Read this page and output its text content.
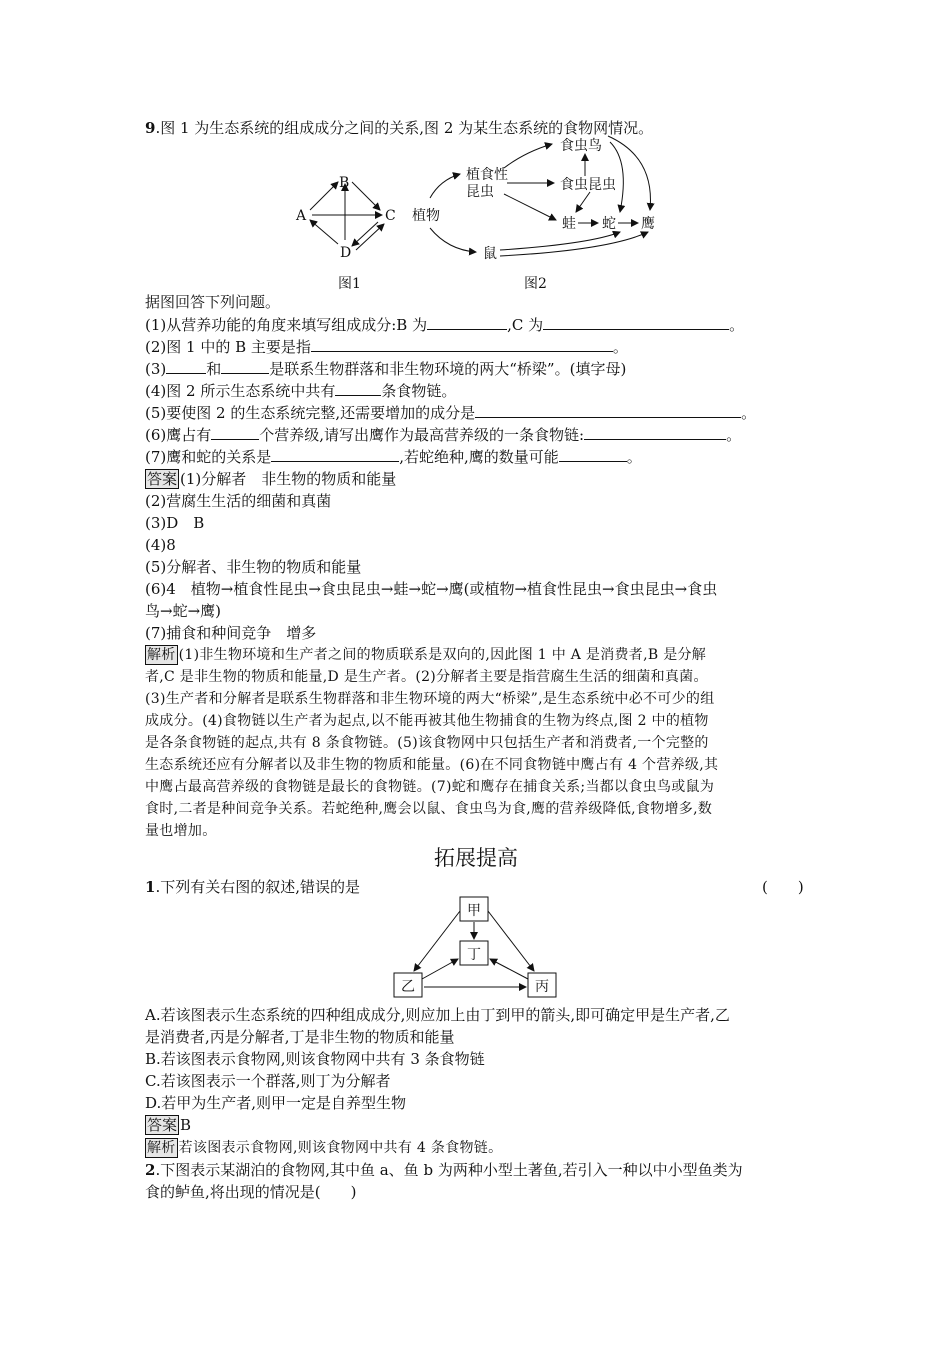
9.图 1 为生态系统的组成成分之间的关系,图 2 为某生态系统的食物网情况。
B
A	C
D
图1
植物
植食性
昆虫
食虫鸟
食虫昆虫
蛙 蛇 鹰
鼠
图2
据图回答下列问题。
(1)从营养功能的角度来填写组成成分:B 为	,C 为	。
(2)图 1 中的 B 主要是指	。
(3)	和	是联系生物群落和非生物环境的两大“桥梁”。(填字母)
(4)图 2 所示生态系统中共有	条食物链。
(5)要使图 2 的生态系统完整,还需要增加的成分是	。
(6)鹰占有	个营养级,请写出鹰作为最高营养级的一条食物链:	。
(7)鹰和蛇的关系是	,若蛇绝种,鹰的数量可能	。
答案 (1)分解者　非生物的物质和能量
(2)营腐生生活的细菌和真菌
(3)D　B
(4)8
(5)分解者、非生物的物质和能量
(6)4　植物→植食性昆虫→食虫昆虫→蛙→蛇→鹰(或植物→植食性昆虫→食虫昆虫→食虫
鸟→蛇→鹰)
(7)捕食和种间竞争　增多
解析 (1)非生物环境和生产者之间的物质联系是双向的,因此图 1 中 A 是消费者,B 是分解
者,C 是非生物的物质和能量,D 是生产者。(2)分解者主要是指营腐生生活的细菌和真菌。
(3)生产者和分解者是联系生物群落和非生物环境的两大“桥梁”,是生态系统中必不可少的组
成成分。(4)食物链以生产者为起点,以不能再被其他生物捕食的生物为终点,图 2 中的植物
是各条食物链的起点,共有 8 条食物链。(5)该食物网中只包括生产者和消费者,一个完整的
生态系统还应有分解者以及非生物的物质和能量。(6)在不同食物链中鹰占有 4 个营养级,其
中鹰占最高营养级的食物链是最长的食物链。(7)蛇和鹰存在捕食关系;当都以食虫鸟或鼠为
食时,二者是种间竞争关系。若蛇绝种,鹰会以鼠、食虫鸟为食,鹰的营养级降低,食物增多,数
量也增加。
拓展提高
1.下列有关右图的叙述,错误的是	(　　)
甲
丁
乙	丙
A.若该图表示生态系统的四种组成成分,则应加上由丁到甲的箭头,即可确定甲是生产者,乙
是消费者,丙是分解者,丁是非生物的物质和能量
B.若该图表示食物网,则该食物网中共有 3 条食物链
C.若该图表示一个群落,则丁为分解者
D.若甲为生产者,则甲一定是自养型生物
答案 B
解析 若该图表示食物网,则该食物网中共有 4 条食物链。
2.下图表示某湖泊的食物网,其中鱼 a、鱼 b 为两种小型土著鱼,若引入一种以中小型鱼类为
食的鲈鱼,将出现的情况是(　　)
